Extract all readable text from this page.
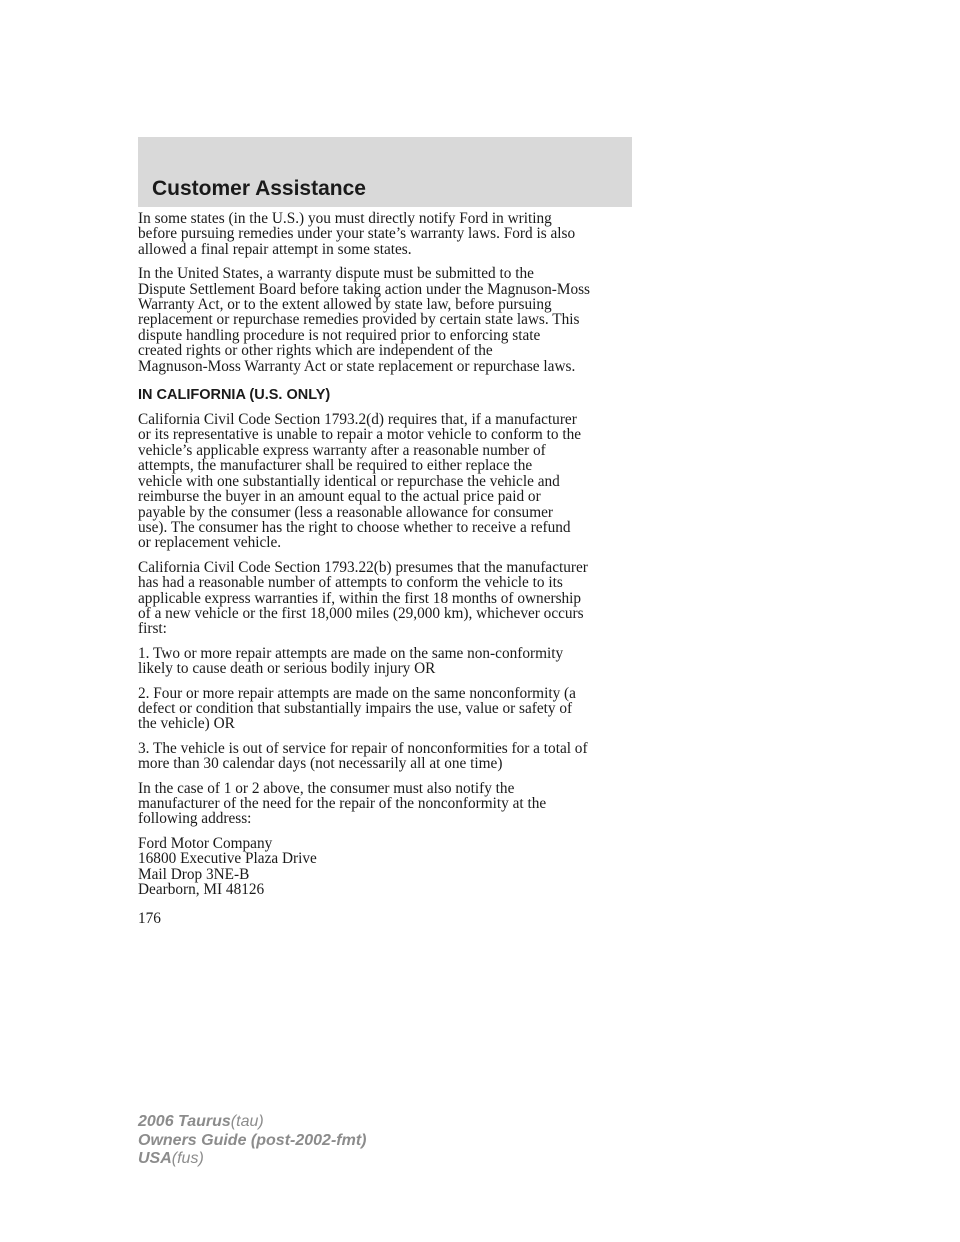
Customer Assistance

In some states (in the U.S.) you must directly notify Ford in writing
before pursuing remedies under your state’s warranty laws. Ford is also
allowed a final repair attempt in some states.

In the United States, a warranty dispute must be submitted to the
Dispute Settlement Board before taking action under the Magnuson-Moss
Warranty Act, or to the extent allowed by state law, before pursuing
replacement or repurchase remedies provided by certain state laws. This
dispute handling procedure is not required prior to enforcing state
created rights or other rights which are independent of the
Magnuson-Moss Warranty Act or state replacement or repurchase laws.

IN CALIFORNIA (U.S. ONLY)

California Civil Code Section 1793.2(d) requires that, if a manufacturer
or its representative is unable to repair a motor vehicle to conform to the
vehicle’s applicable express warranty after a reasonable number of
attempts, the manufacturer shall be required to either replace the
vehicle with one substantially identical or repurchase the vehicle and
reimburse the buyer in an amount equal to the actual price paid or
payable by the consumer (less a reasonable allowance for consumer
use). The consumer has the right to choose whether to receive a refund
or replacement vehicle.

California Civil Code Section 1793.22(b) presumes that the manufacturer
has had a reasonable number of attempts to conform the vehicle to its
applicable express warranties if, within the first 18 months of ownership
of a new vehicle or the first 18,000 miles (29,000 km), whichever occurs
first:

1. Two or more repair attempts are made on the same non-conformity
likely to cause death or serious bodily injury OR

2. Four or more repair attempts are made on the same nonconformity (a
defect or condition that substantially impairs the use, value or safety of
the vehicle) OR

3. The vehicle is out of service for repair of nonconformities for a total of
more than 30 calendar days (not necessarily all at one time)

In the case of 1 or 2 above, the consumer must also notify the
manufacturer of the need for the repair of the nonconformity at the
following address:

Ford Motor Company
16800 Executive Plaza Drive
Mail Drop 3NE-B
Dearborn, MI 48126

176
2006 Taurus(tau)
Owners Guide (post-2002-fmt)
USA(fus)
